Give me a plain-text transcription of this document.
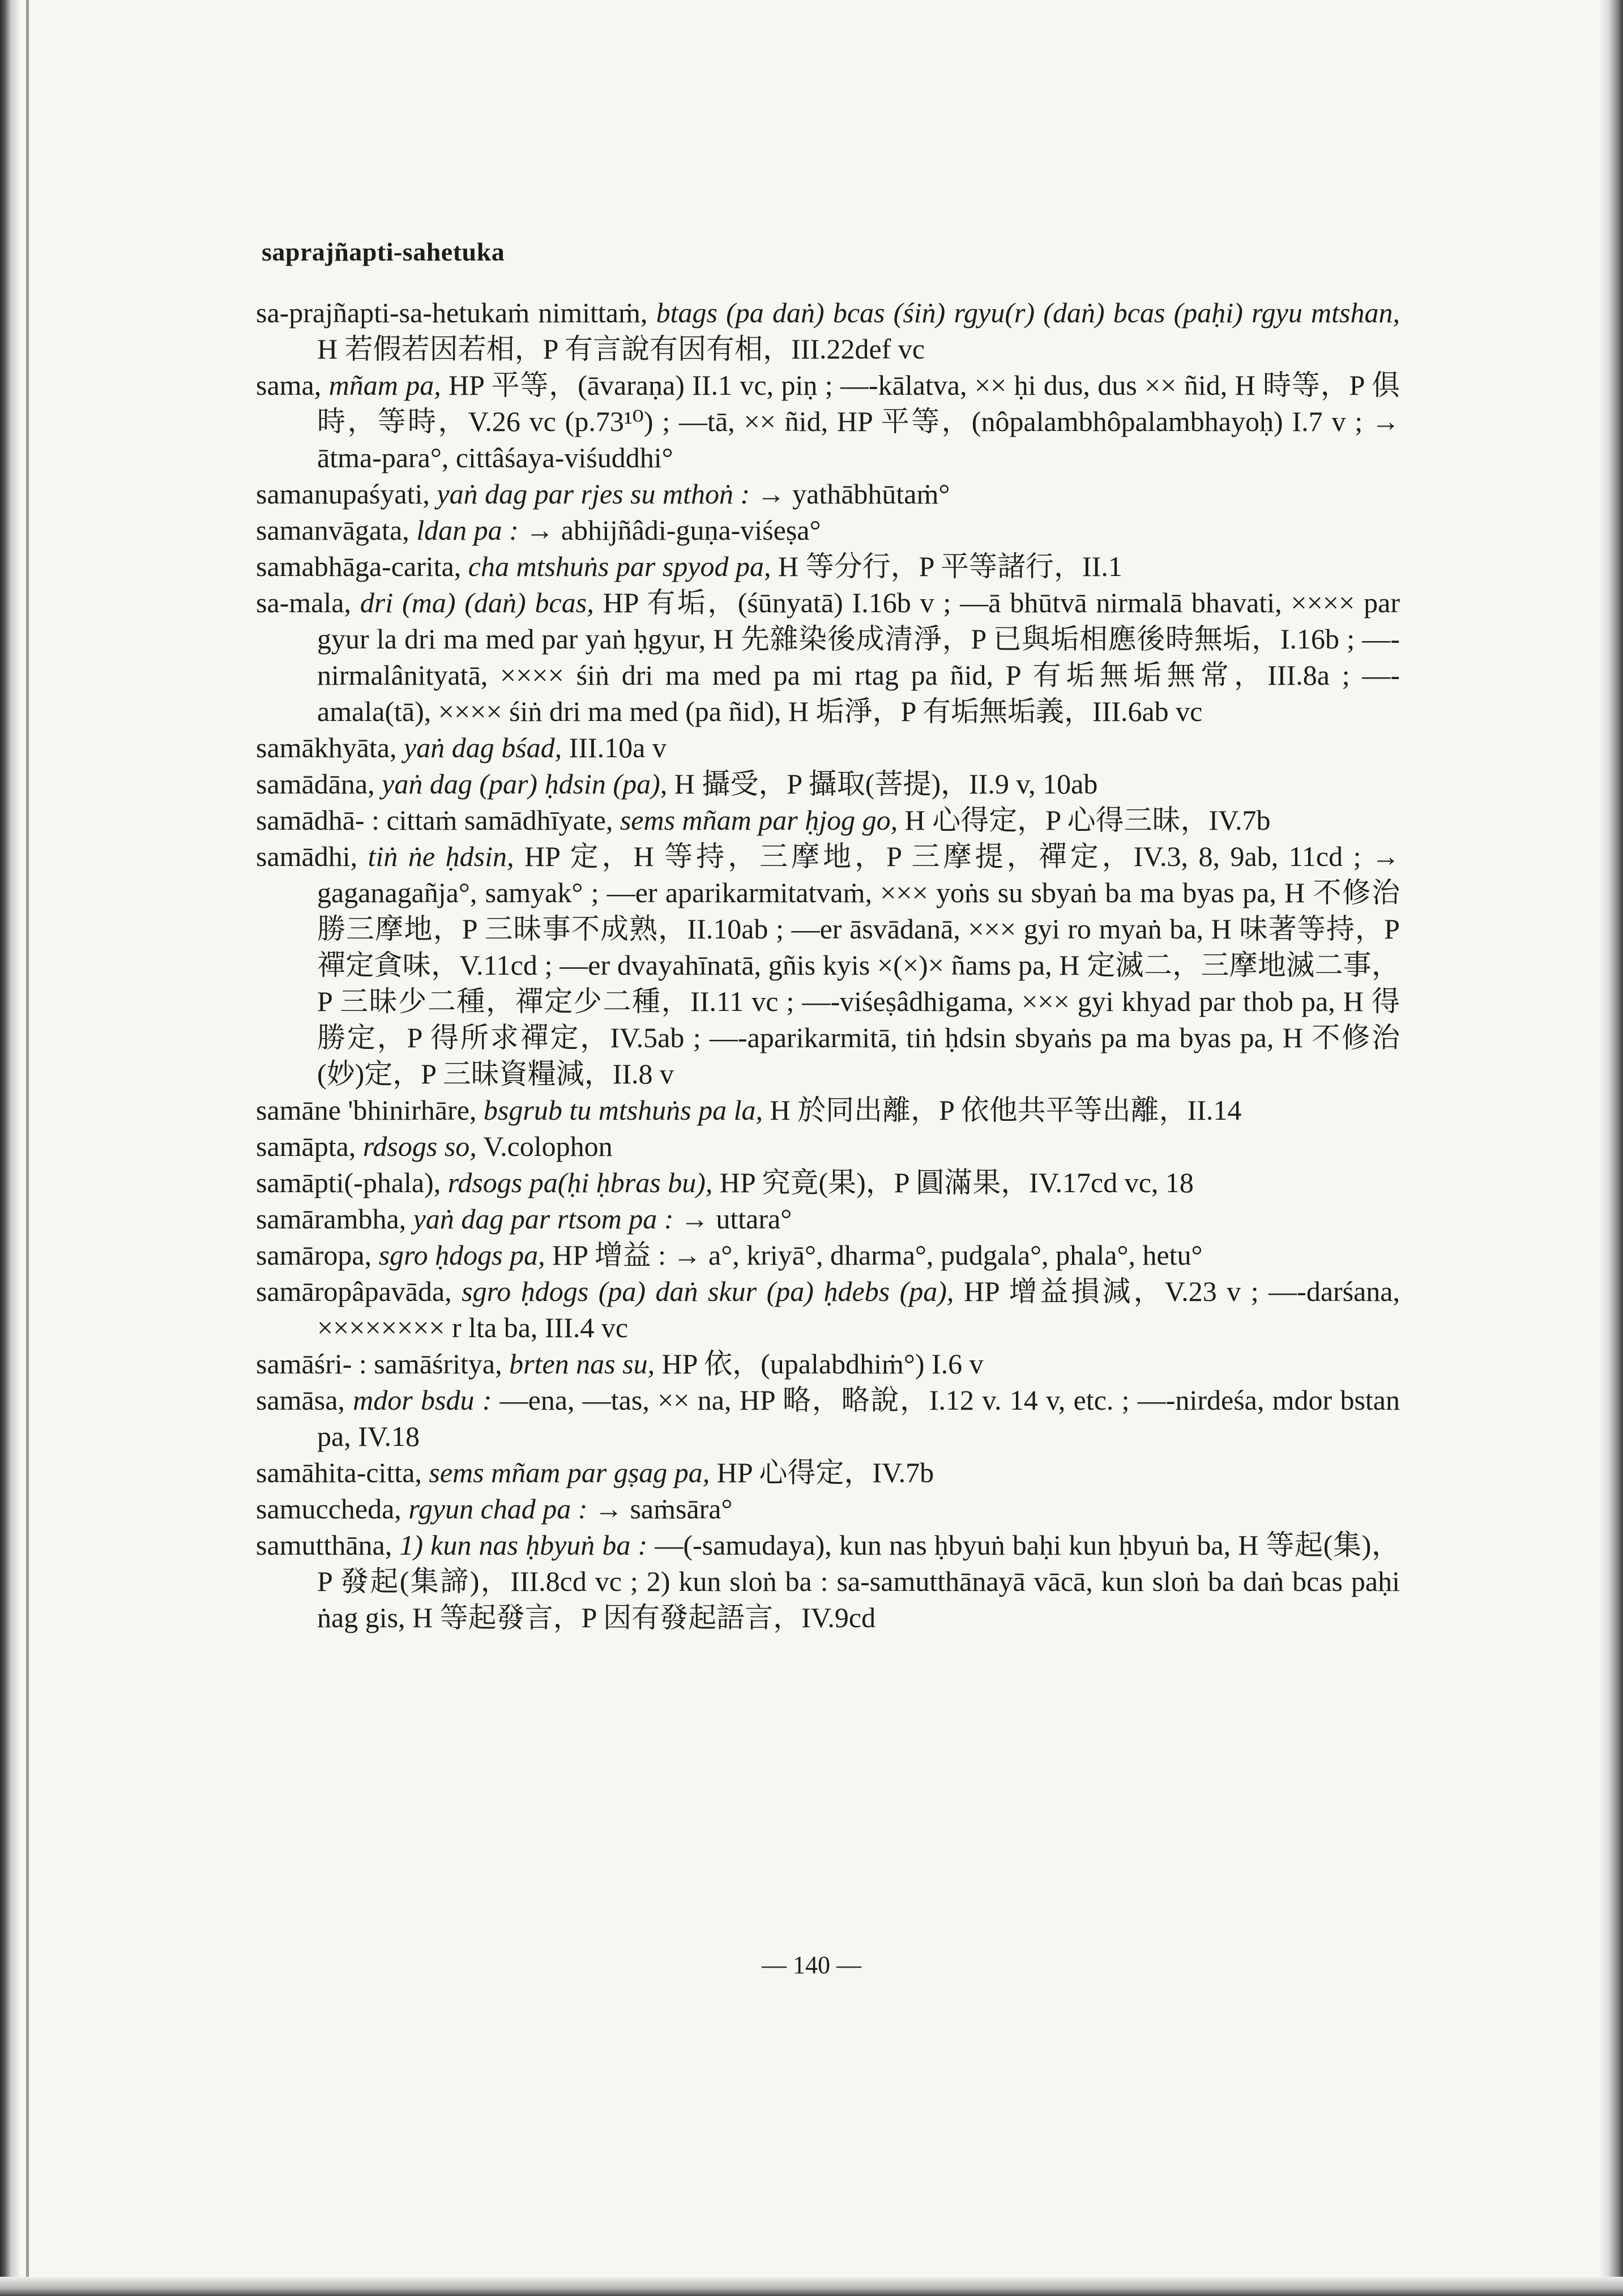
saprajñapti-sahetuka
sa-prajñapti-sa-hetukaṁ nimittaṁ, btags (pa daṅ) bcas (śiṅ) rgyu(r) (daṅ) bcas (paḥi) rgyu mtshan, H 若假若因若相，P 有言說有因有相，III.22def vc
sama, mñam pa, HP 平等，(āvaraṇa) II.1 vc, piṇ ; —-kālatva, ×× ḥi dus, dus ×× ñid, H 時等，P 俱時，等時，V.26 vc (p.73¹⁰) ; —tā, ×× ñid, HP 平等，(nôpalambhôpalambhayoḥ) I.7 v ; → ātma-para°, cittâśaya-viśuddhi°
samanupaśyati, yaṅ dag par rjes su mthoṅ : → yathābhūtaṁ°
samanvāgata, ldan pa : → abhijñâdi-guṇa-viśeṣa°
samabhāga-carita, cha mtshuṅs par spyod pa, H 等分行，P 平等諸行，II.1
sa-mala, dri (ma) (daṅ) bcas, HP 有垢，(śūnyatā) I.16b v ; —ā bhūtvā nirmalā bhavati, ×××× par gyur la dri ma med par yaṅ ḥgyur, H 先雜染後成清淨，P 已與垢相應後時無垢，I.16b ; —-nirmalânityatā, ×××× śiṅ dri ma med pa mi rtag pa ñid, P 有垢無垢無常，III.8a ; —-amala(tā), ×××× śiṅ dri ma med (pa ñid), H 垢淨，P 有垢無垢義，III.6ab vc
samākhyāta, yaṅ dag bśad, III.10a v
samādāna, yaṅ dag (par) ḥdsin (pa), H 攝受，P 攝取(菩提)，II.9 v, 10ab
samādhā- : cittaṁ samādhīyate, sems mñam par ḥjog go, H 心得定，P 心得三昧，IV.7b
samādhi, tiṅ ṅe ḥdsin, HP 定，H 等持，三摩地，P 三摩提，禪定，IV.3, 8, 9ab, 11cd ; → gaganagañja°, samyak° ; —er aparikarmitatvaṁ, ××× yoṅs su sbyaṅ ba ma byas pa, H 不修治勝三摩地，P 三昧事不成熟，II.10ab ; —er āsvādanā, ××× gyi ro myaṅ ba, H 味著等持，P 禪定貪味，V.11cd ; —er dvayahīnatā, gñis kyis ×(×)× ñams pa, H 定滅二，三摩地滅二事，P 三昧少二種，禪定少二種，II.11 vc ; —-viśeṣâdhigama, ××× gyi khyad par thob pa, H 得勝定，P 得所求禪定，IV.5ab ; —-aparikarmitā, tiṅ ḥdsin sbyaṅs pa ma byas pa, H 不修治(妙)定，P 三昧資糧減，II.8 v
samāne 'bhinirhāre, bsgrub tu mtshuṅs pa la, H 於同出離，P 依他共平等出離，II.14
samāpta, rdsogs so, V.colophon
samāpti(-phala), rdsogs pa(ḥi ḥbras bu), HP 究竟(果)，P 圓滿果，IV.17cd vc, 18
samārambha, yaṅ dag par rtsom pa : → uttara°
samāropa, sgro ḥdogs pa, HP 增益 : → a°, kriyā°, dharma°, pudgala°, phala°, hetu°
samāropâpavāda, sgro ḥdogs (pa) daṅ skur (pa) ḥdebs (pa), HP 增益損減，V.23 v ; —-darśana, ×××××××× r lta ba, III.4 vc
samāśri- : samāśritya, brten nas su, HP 依，(upalabdhiṁ°) I.6 v
samāsa, mdor bsdu : —ena, —tas, ×× na, HP 略，略說，I.12 v. 14 v, etc. ; —-nirdeśa, mdor bstan pa, IV.18
samāhita-citta, sems mñam par gṣag pa, HP 心得定，IV.7b
samuccheda, rgyun chad pa : → saṁsāra°
samutthāna, 1) kun nas ḥbyuṅ ba : —(-samudaya), kun nas ḥbyuṅ baḥi kun ḥbyuṅ ba, H 等起(集)，P 發起(集諦)，III.8cd vc ; 2) kun sloṅ ba : sa-samutthānayā vācā, kun sloṅ ba daṅ bcas paḥi ṅag gis, H 等起發言，P 因有發起語言，IV.9cd
— 140 —
